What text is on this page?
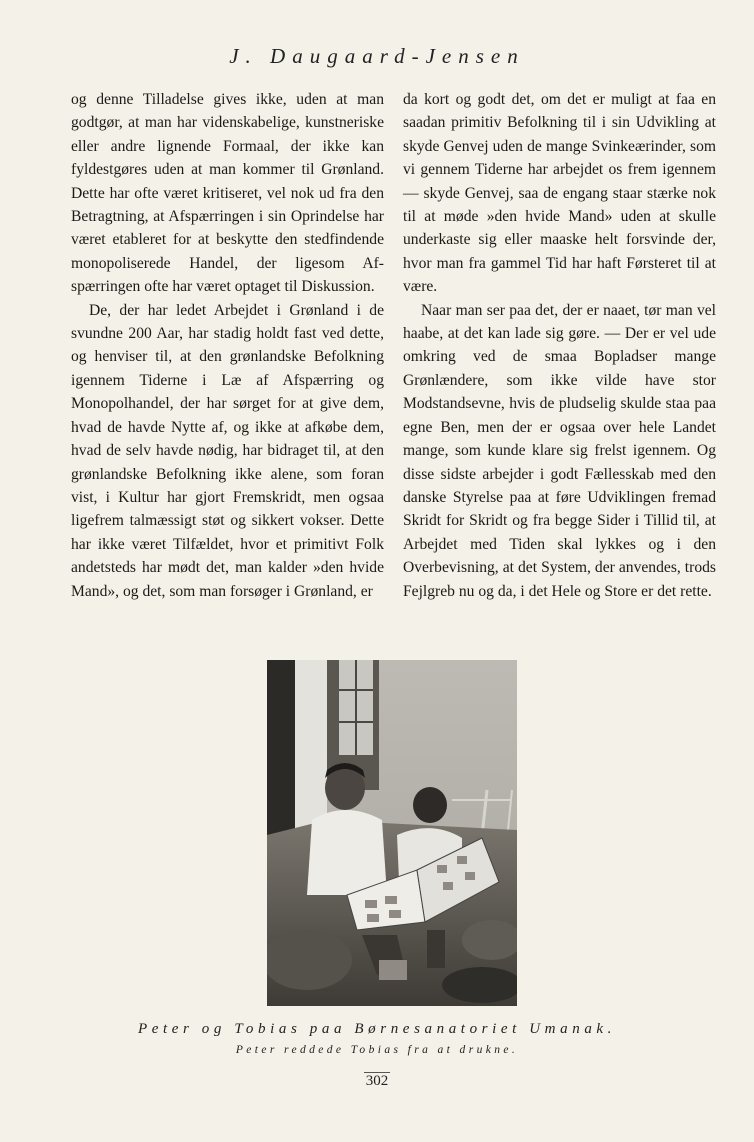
J. Daugaard-Jensen

og denne Tilladelse gives ikke, uden at man godtgør, at man har videnskabelige, kunstneriske eller andre lignende Formaal, der ikke kan fyldestgøres uden at man kommer til Grønland. Dette har ofte været kritiseret, vel nok ud fra den Betragtning, at Afspærringen i sin Oprindelse har været etableret for at beskytte den stedfindende monopoliserede Handel, der ligesom Afspærringen ofte har været optaget til Diskussion.

De, der har ledet Arbejdet i Grønland i de svundne 200 Aar, har stadig holdt fast ved dette, og henviser til, at den grønlandske Befolkning igennem Tiderne i Læ af Afspærring og Monopolhandel, der har sørget for at give dem, hvad de havde Nytte af, og ikke at afkøbe dem, hvad de selv havde nødig, har bidraget til, at den grønlandske Befolkning ikke alene, som foran vist, i Kultur har gjort Fremskridt, men ogsaa ligefrem talmæssigt støt og sikkert vokser. Dette har ikke været Tilfældet, hvor et primitivt Folk andetsteds har mødt det, man kalder »den hvide Mand», og det, som man forsøger i Grønland, er

da kort og godt det, om det er muligt at faa en saadan primitiv Befolkning til i sin Udvikling at skyde Genvej uden de mange Svinkeærinder, som vi gennem Tiderne har arbejdet os frem igennem — skyde Genvej, saa de engang staar stærke nok til at møde »den hvide Mand» uden at skulle underkaste sig eller maaske helt forsvinde der, hvor man fra gammel Tid har haft Førsteret til at være.

Naar man ser paa det, der er naaet, tør man vel haabe, at det kan lade sig gøre. — Der er vel ude omkring ved de smaa Bopladser mange Grønlændere, som ikke vilde have stor Modstandsevne, hvis de pludselig skulde staa paa egne Ben, men der er ogsaa over hele Landet mange, som kunde klare sig frelst igennem. Og disse sidste arbejder i godt Fællesskab med den danske Styrelse paa at føre Udviklingen fremad Skridt for Skridt og fra begge Sider i Tillid til, at Arbejdet med Tiden skal lykkes og i den Overbevisning, at det System, der anvendes, trods Fejlgreb nu og da, i det Hele og Store er det rette.

Peter og Tobias paa Børnesanatoriet Umanak.
Peter reddede Tobias fra at drukne.
302
